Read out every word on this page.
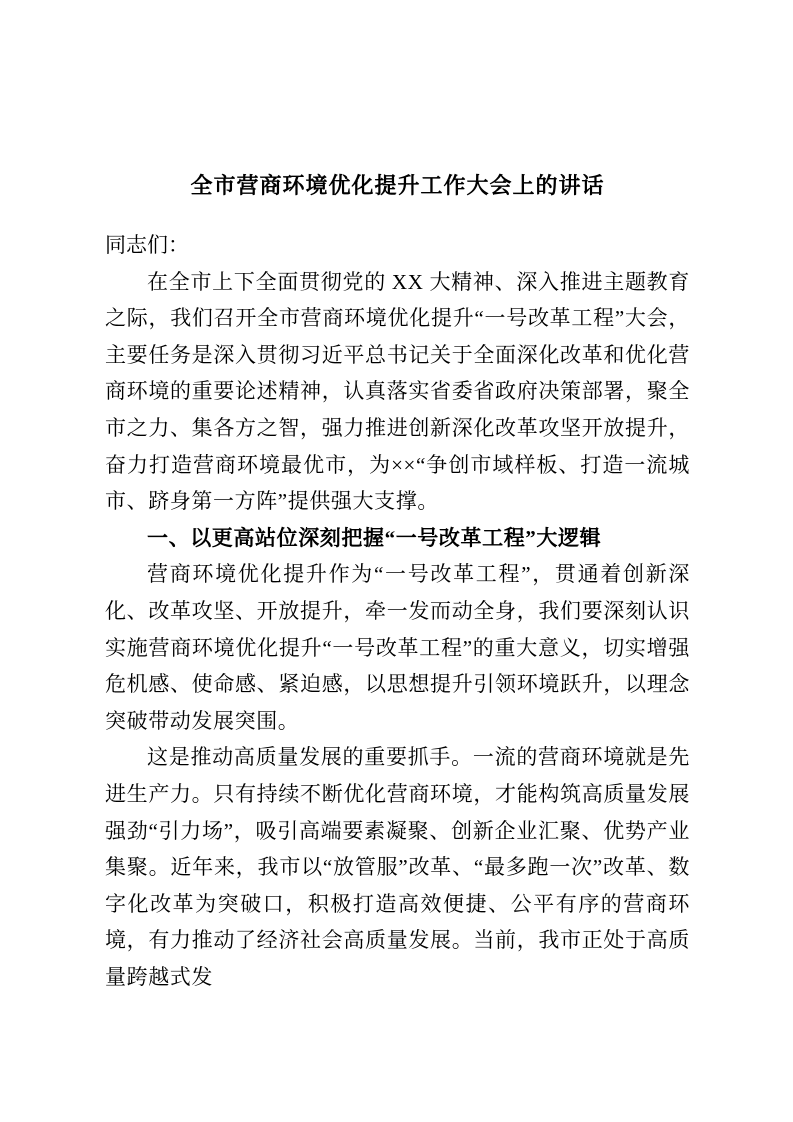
全市营商环境优化提升工作大会上的讲话

同志们：

在全市上下全面贯彻党的 XX 大精神、深入推进主题教育之际，我们召开全市营商环境优化提升“一号改革工程”大会，主要任务是深入贯彻习近平总书记关于全面深化改革和优化营商环境的重要论述精神，认真落实省委省政府决策部署，聚全市之力、集各方之智，强力推进创新深化改革攻坚开放提升，奋力打造营商环境最优市，为××“争创市域样板、打造一流城市、跻身第一方阵”提供强大支撑。

一、以更高站位深刻把握“一号改革工程”大逻辑

营商环境优化提升作为“一号改革工程”，贯通着创新深化、改革攻坚、开放提升，牵一发而动全身，我们要深刻认识实施营商环境优化提升“一号改革工程”的重大意义，切实增强危机感、使命感、紧迫感，以思想提升引领环境跃升，以理念突破带动发展突围。

这是推动高质量发展的重要抓手。一流的营商环境就是先进生产力。只有持续不断优化营商环境，才能构筑高质量发展强劲“引力场”，吸引高端要素凝聚、创新企业汇聚、优势产业集聚。近年来，我市以“放管服”改革、“最多跑一次”改革、数字化改革为突破口，积极打造高效便捷、公平有序的营商环境，有力推动了经济社会高质量发展。当前，我市正处于高质量跨越式发
